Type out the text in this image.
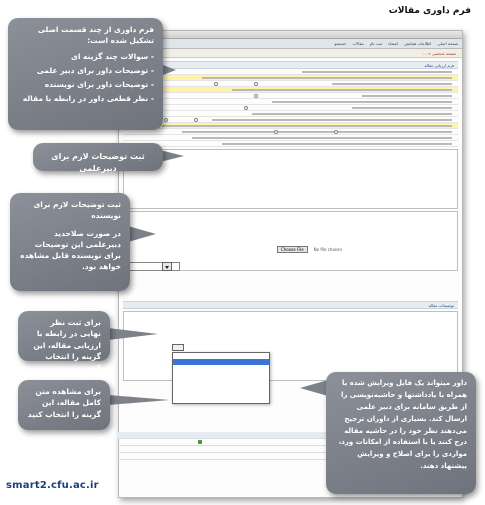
فرم داوری مقالات
صفحه اصلی
اطلاعات همایش
اعضاء
ثبت نام
مقالات
جستجو
صفحه شخصی » ...
فرم ارزیابی مقاله
توضیحات مقاله
No file chosen
Choose File
فرم داوری از چند قسمت اصلی تشکیل شده است:
- سوالات چند گزینه ای
- توضیحات داور برای دبیر علمی
- توضیحات داور برای نویسنده
- نظر قطعی داور در رابطه با مقاله
ثبت توضیحات لازم برای دبیرعلمی
ثبت توضیحات لازم برای نویسنده
در صورت صلاحدید دبیرعلمی این توضیحات برای نویسنده قابل مشاهده خواهد بود.
برای ثبت نظر نهایی در رابطه با ارزیابی مقاله، این گزینه را انتخاب کنید.
برای مشاهده متن کامل مقاله، این گزینه را انتخاب کنید
داور میتواند یک فایل ویرایش شده یا همراه با یادداشتها و حاشیه‌نویسی را از طریق سامانه برای دبیر علمی ارسال کند. بسیاری از داوران ترجیح می‌دهند نظر خود را در حاشیه مقاله درج کنند یا با استفاده از امکانات ورد، مواردی را برای اصلاح و ویرایش پیشنهاد دهند.
smart2.cfu.ac.ir
